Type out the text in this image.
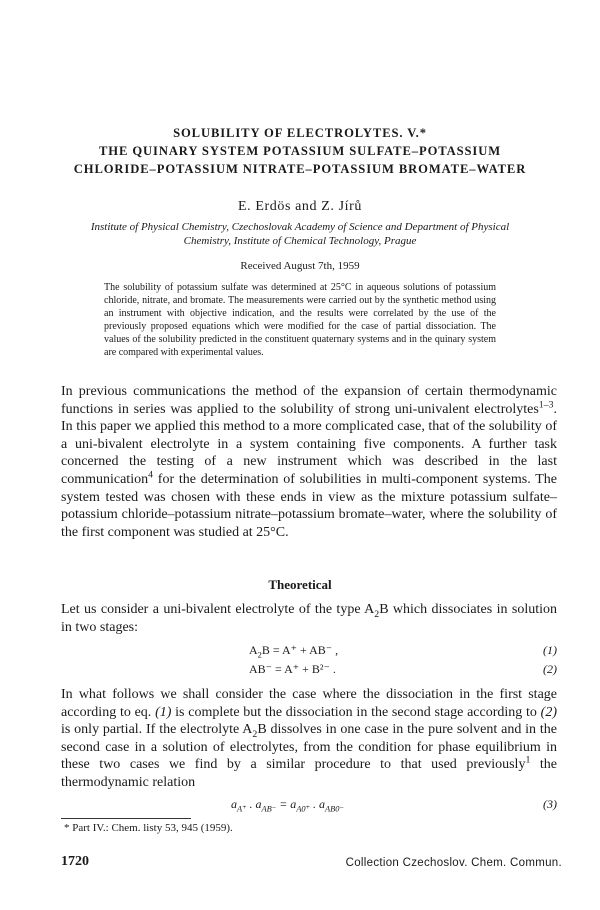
SOLUBILITY OF ELECTROLYTES. V.*
THE QUINARY SYSTEM POTASSIUM SULFATE–POTASSIUM
CHLORIDE–POTASSIUM NITRATE–POTASSIUM BROMATE–WATER
E. Erdös and Z. Jírů
Institute of Physical Chemistry, Czechoslovak Academy of Science and Department of Physical
Chemistry, Institute of Chemical Technology, Prague
Received August 7th, 1959
The solubility of potassium sulfate was determined at 25°C in aqueous solutions of potassium chloride, nitrate, and bromate. The measurements were carried out by the synthetic method using an instrument with objective indication, and the results were correlated by the use of the previously proposed equations which were modified for the case of partial dissociation. The values of the solubility predicted in the constituent quaternary systems and in the quinary system are compared with experimental values.
In previous communications the method of the expansion of certain thermodynamic functions in series was applied to the solubility of strong uni-univalent electrolytes$^{1-3}$. In this paper we applied this method to a more complicated case, that of the solubility of a uni-bivalent electrolyte in a system containing five components. A further task concerned the testing of a new instrument which was described in the last communication$^4$ for the determination of solubilities in multi-component systems. The system tested was chosen with these ends in view as the mixture potassium sulfate–potassium chloride–potassium nitrate–potassium bromate–water, where the solubility of the first component was studied at 25°C.
Theoretical
Let us consider a uni-bivalent electrolyte of the type $A_2B$ which dissociates in solution in two stages:
$A_2B = A^+ + AB^-$ ,	(1)
AB⁻ = A⁺ + B²⁻ .	(2)
In what follows we shall consider the case where the dissociation in the first stage according to eq. (1) is complete but the dissociation in the second stage according to (2) is only partial. If the electrolyte $A_2B$ dissolves in one case in the pure solvent and in the second case in a solution of electrolytes, from the condition for phase equilibrium in these two cases we find by a similar procedure to that used previously$^1$ the thermodynamic relation
$a_{A^+}$ . $a_{AB^-} = a_{A0^+}$ . $a_{AB0^-}$	(3)
* Part IV.: Chem. listy 53, 945 (1959).
1720	Collection Czechoslov. Chem. Commun.
